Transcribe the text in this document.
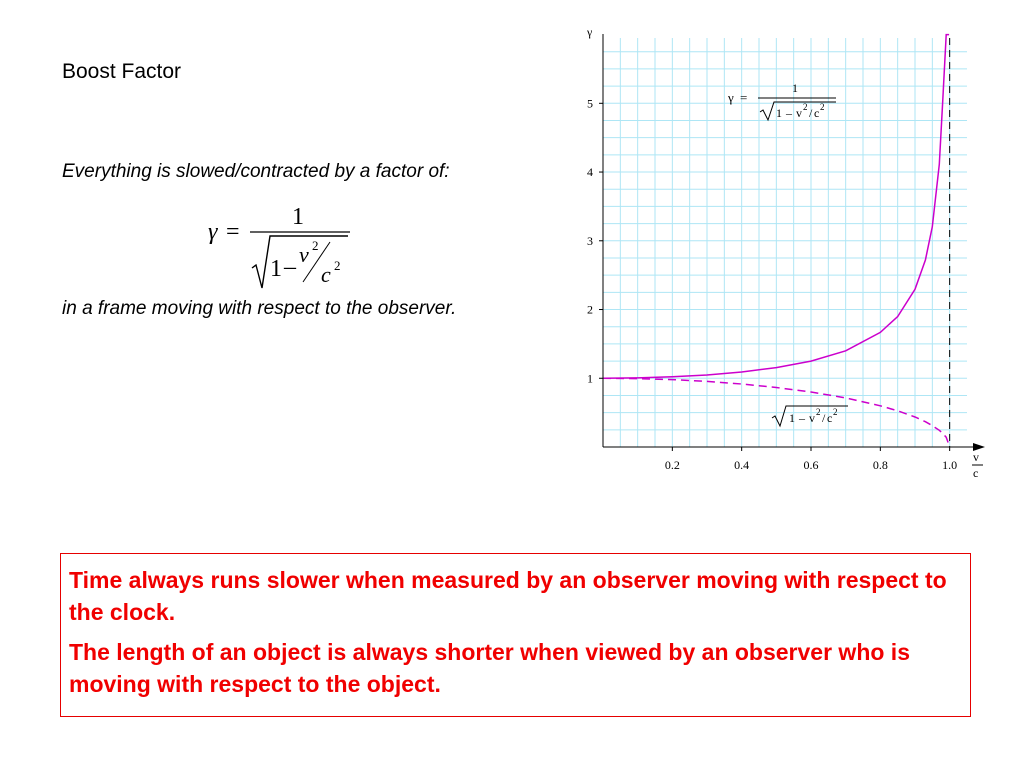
Boost Factor
Everything is slowed/contracted by a factor of:
γ =
1
1 – v 2
c 2
in a frame moving with respect to the observer.
γ
v
c
0.2	0.4	0.6	0.8	1.0
1
2
3
4
5	γ =
1
1 – v 2 / c 2
1 – v 2 / c 2

Time always runs slower when measured by an observer moving with respect to the clock.

The length of an object is always shorter when viewed by an observer who is moving with respect to the object.
